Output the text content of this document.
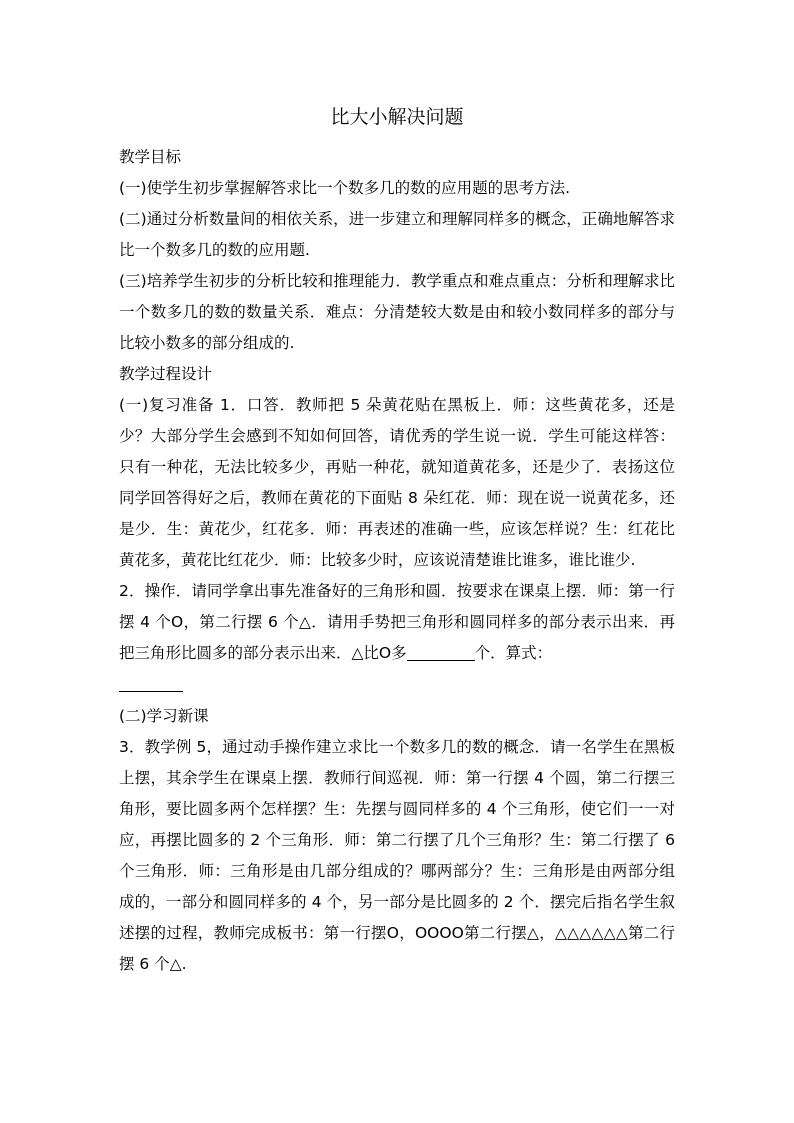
比大小解决问题

教学目标

(一)使学生初步掌握解答求比一个数多几的数的应用题的思考方法.

(二)通过分析数量间的相依关系，进一步建立和理解同样多的概念，正确地解答求比一个数多几的数的应用题.

(三)培养学生初步的分析比较和推理能力．教学重点和难点重点：分析和理解求比一个数多几的数的数量关系．难点：分清楚较大数是由和较小数同样多的部分与比较小数多的部分组成的.

教学过程设计

(一)复习准备 1．口答．教师把 5 朵黄花贴在黑板上．师：这些黄花多，还是少？大部分学生会感到不知如何回答，请优秀的学生说一说．学生可能这样答：只有一种花，无法比较多少，再贴一种花，就知道黄花多，还是少了．表扬这位同学回答得好之后，教师在黄花的下面贴 8 朵红花．师：现在说一说黄花多，还是少．生：黄花少，红花多．师：再表述的准确一些，应该怎样说？生：红花比黄花多，黄花比红花少．师：比较多少时，应该说清楚谁比谁多，谁比谁少.

2．操作．请同学拿出事先准备好的三角形和圆．按要求在课桌上摆．师：第一行摆 4 个O，第二行摆 6 个△．请用手势把三角形和圆同样多的部分表示出来．再把三角形比圆多的部分表示出来．△比O多	个．算式：

(二)学习新课

3．教学例 5，通过动手操作建立求比一个数多几的数的概念．请一名学生在黑板上摆，其余学生在课桌上摆．教师行间巡视．师：第一行摆 4 个圆，第二行摆三角形，要比圆多两个怎样摆？生：先摆与圆同样多的 4 个三角形，使它们一一对应，再摆比圆多的 2 个三角形．师：第二行摆了几个三角形？生：第二行摆了 6 个三角形．师：三角形是由几部分组成的？哪两部分？生：三角形是由两部分组成的，一部分和圆同样多的 4 个，另一部分是比圆多的 2 个．摆完后指名学生叙述摆的过程，教师完成板书：第一行摆O，OOOO第二行摆△，△△△△△△第二行摆 6 个△.
